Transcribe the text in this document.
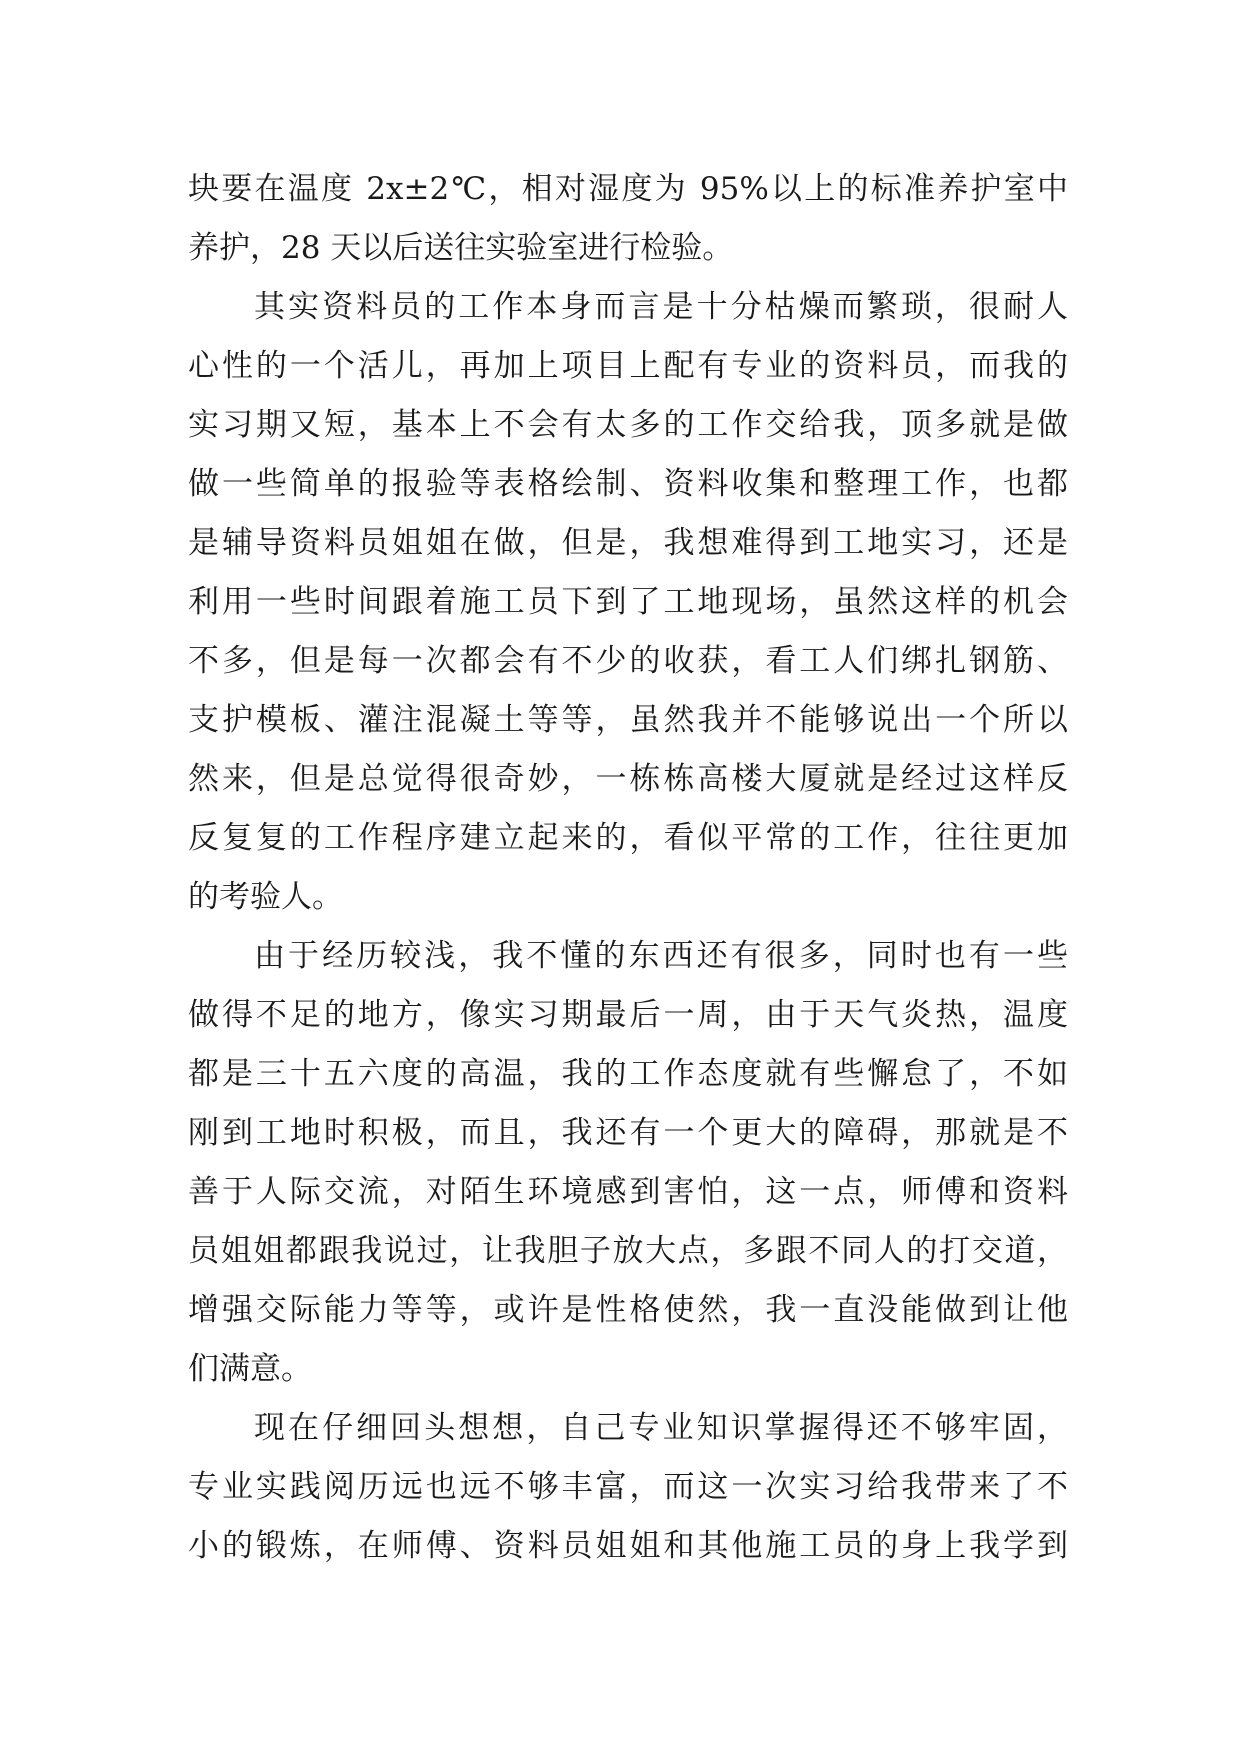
块要在温度 2x±2℃，相对湿度为 95%以上的标准养护室中
养护，28 天以后送往实验室进行检验。
其实资料员的工作本身而言是十分枯燥而繁琐，很耐人
心性的一个活儿，再加上项目上配有专业的资料员，而我的
实习期又短，基本上不会有太多的工作交给我，顶多就是做
做一些简单的报验等表格绘制、资料收集和整理工作，也都
是辅导资料员姐姐在做，但是，我想难得到工地实习，还是
利用一些时间跟着施工员下到了工地现场，虽然这样的机会
不多，但是每一次都会有不少的收获，看工人们绑扎钢筋、
支护模板、灌注混凝土等等，虽然我并不能够说出一个所以
然来，但是总觉得很奇妙，一栋栋高楼大厦就是经过这样反
反复复的工作程序建立起来的，看似平常的工作，往往更加
的考验人。
由于经历较浅，我不懂的东西还有很多，同时也有一些
做得不足的地方，像实习期最后一周，由于天气炎热，温度
都是三十五六度的高温，我的工作态度就有些懈怠了，不如
刚到工地时积极，而且，我还有一个更大的障碍，那就是不
善于人际交流，对陌生环境感到害怕，这一点，师傅和资料
员姐姐都跟我说过，让我胆子放大点，多跟不同人的打交道，
增强交际能力等等，或许是性格使然，我一直没能做到让他
们满意。
现在仔细回头想想，自己专业知识掌握得还不够牢固，
专业实践阅历远也远不够丰富，而这一次实习给我带来了不
小的锻炼，在师傅、资料员姐姐和其他施工员的身上我学到
